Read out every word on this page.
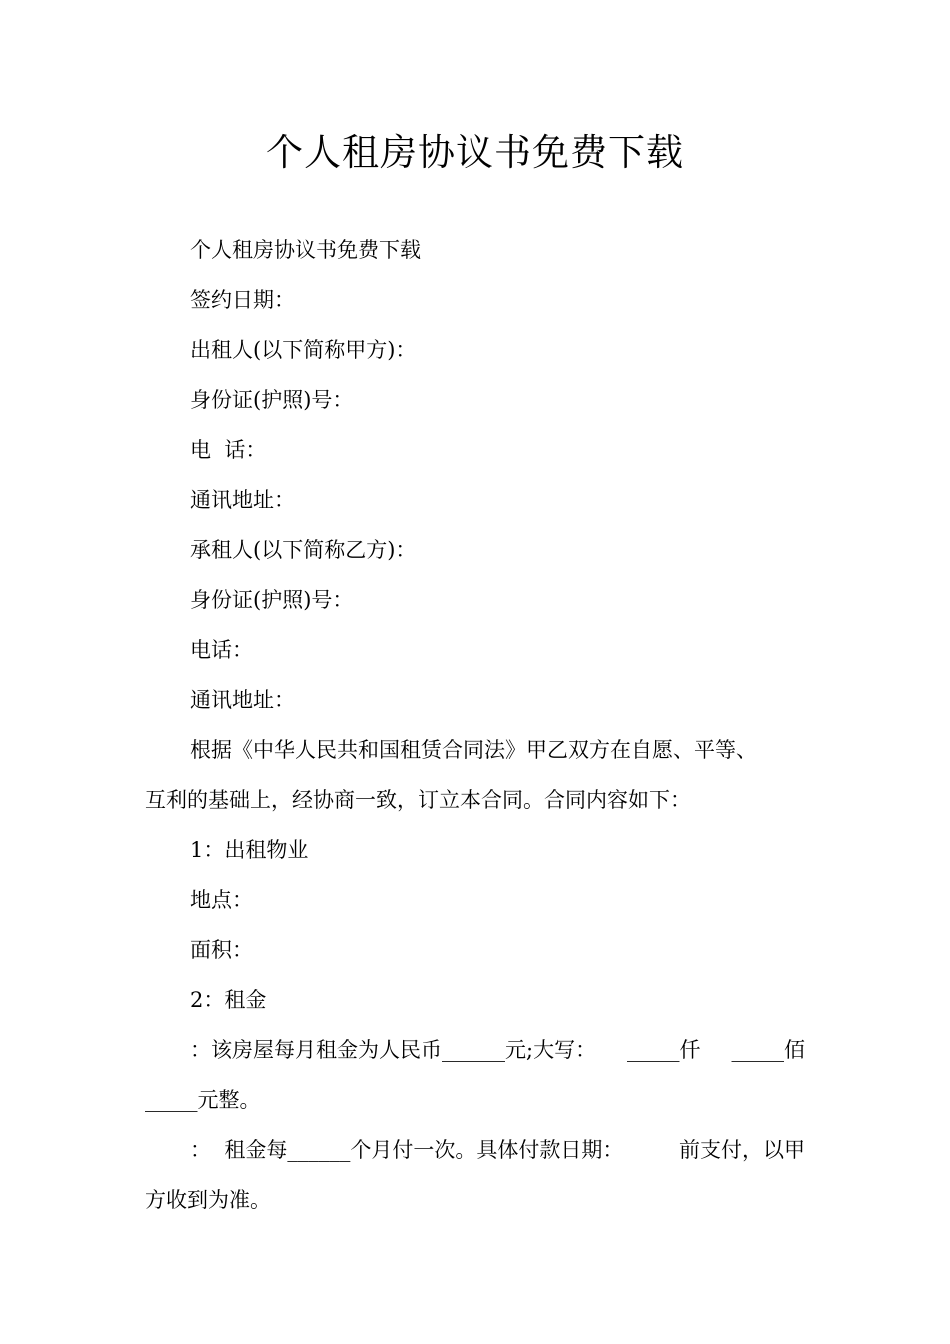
个人租房协议书免费下载
个人租房协议书免费下载
签约日期：
出租人(以下简称甲方)：
身份证(护照)号：
电  话：
通讯地址：
承租人(以下简称乙方)：
身份证(护照)号：
电话：
通讯地址：
根据《中华人民共和国租赁合同法》甲乙双方在自愿、平等、
互利的基础上，经协商一致，订立本合同。合同内容如下：
1：出租物业
地点：
面积：
2：租金
：该房屋每月租金为人民币______元;大写： _____仟 _____佰
_____元整。
：  租金每______个月付一次。具体付款日期：	前支付，以甲
方收到为准。
